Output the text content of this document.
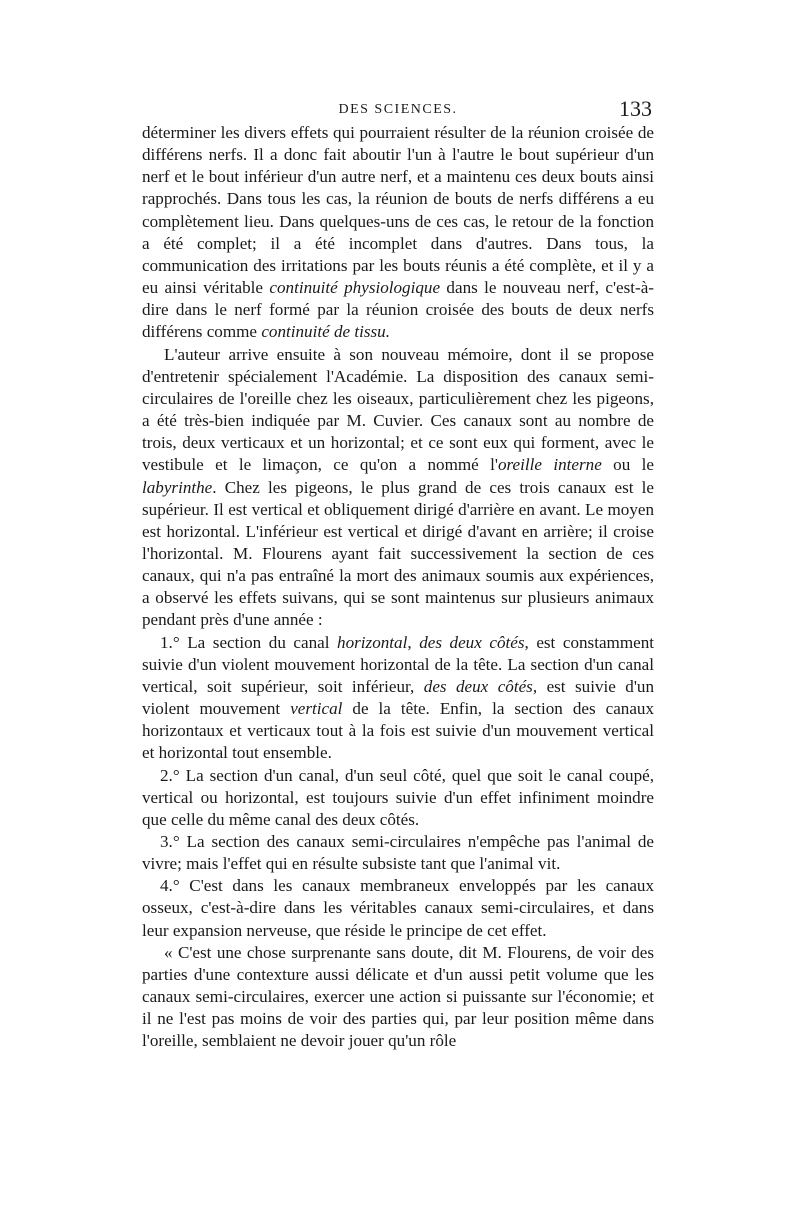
DES SCIENCES.	133

déterminer les divers effets qui pourraient résulter de la réunion croisée de différens nerfs. Il a donc fait aboutir l'un à l'autre le bout supérieur d'un nerf et le bout inférieur d'un autre nerf, et a maintenu ces deux bouts ainsi rapprochés. Dans tous les cas, la réunion de bouts de nerfs différens a eu complètement lieu. Dans quelques-uns de ces cas, le retour de la fonction a été complet; il a été incomplet dans d'autres. Dans tous, la communication des irritations par les bouts réunis a été complète, et il y a eu ainsi véritable continuité physiologique dans le nouveau nerf, c'est-à-dire dans le nerf formé par la réunion croisée des bouts de deux nerfs différens comme continuité de tissu.

L'auteur arrive ensuite à son nouveau mémoire, dont il se propose d'entretenir spécialement l'Académie. La disposition des canaux semi-circulaires de l'oreille chez les oiseaux, particulièrement chez les pigeons, a été très-bien indiquée par M. Cuvier. Ces canaux sont au nombre de trois, deux verticaux et un horizontal; et ce sont eux qui forment, avec le vestibule et le limaçon, ce qu'on a nommé l'oreille interne ou le labyrinthe. Chez les pigeons, le plus grand de ces trois canaux est le supérieur. Il est vertical et obliquement dirigé d'arrière en avant. Le moyen est horizontal. L'inférieur est vertical et dirigé d'avant en arrière; il croise l'horizontal. M. Flourens ayant fait successivement la section de ces canaux, qui n'a pas entraîné la mort des animaux soumis aux expériences, a observé les effets suivans, qui se sont maintenus sur plusieurs animaux pendant près d'une année :

1.° La section du canal horizontal, des deux côtés, est constamment suivie d'un violent mouvement horizontal de la tête. La section d'un canal vertical, soit supérieur, soit inférieur, des deux côtés, est suivie d'un violent mouvement vertical de la tête. Enfin, la section des canaux horizontaux et verticaux tout à la fois est suivie d'un mouvement vertical et horizontal tout ensemble.

2.° La section d'un canal, d'un seul côté, quel que soit le canal coupé, vertical ou horizontal, est toujours suivie d'un effet infiniment moindre que celle du même canal des deux côtés.

3.° La section des canaux semi-circulaires n'empêche pas l'animal de vivre; mais l'effet qui en résulte subsiste tant que l'animal vit.

4.° C'est dans les canaux membraneux enveloppés par les canaux osseux, c'est-à-dire dans les véritables canaux semi-circulaires, et dans leur expansion nerveuse, que réside le principe de cet effet.

« C'est une chose surprenante sans doute, dit M. Flourens, de voir des parties d'une contexture aussi délicate et d'un aussi petit volume que les canaux semi-circulaires, exercer une action si puissante sur l'économie; et il ne l'est pas moins de voir des parties qui, par leur position même dans l'oreille, semblaient ne devoir jouer qu'un rôle
